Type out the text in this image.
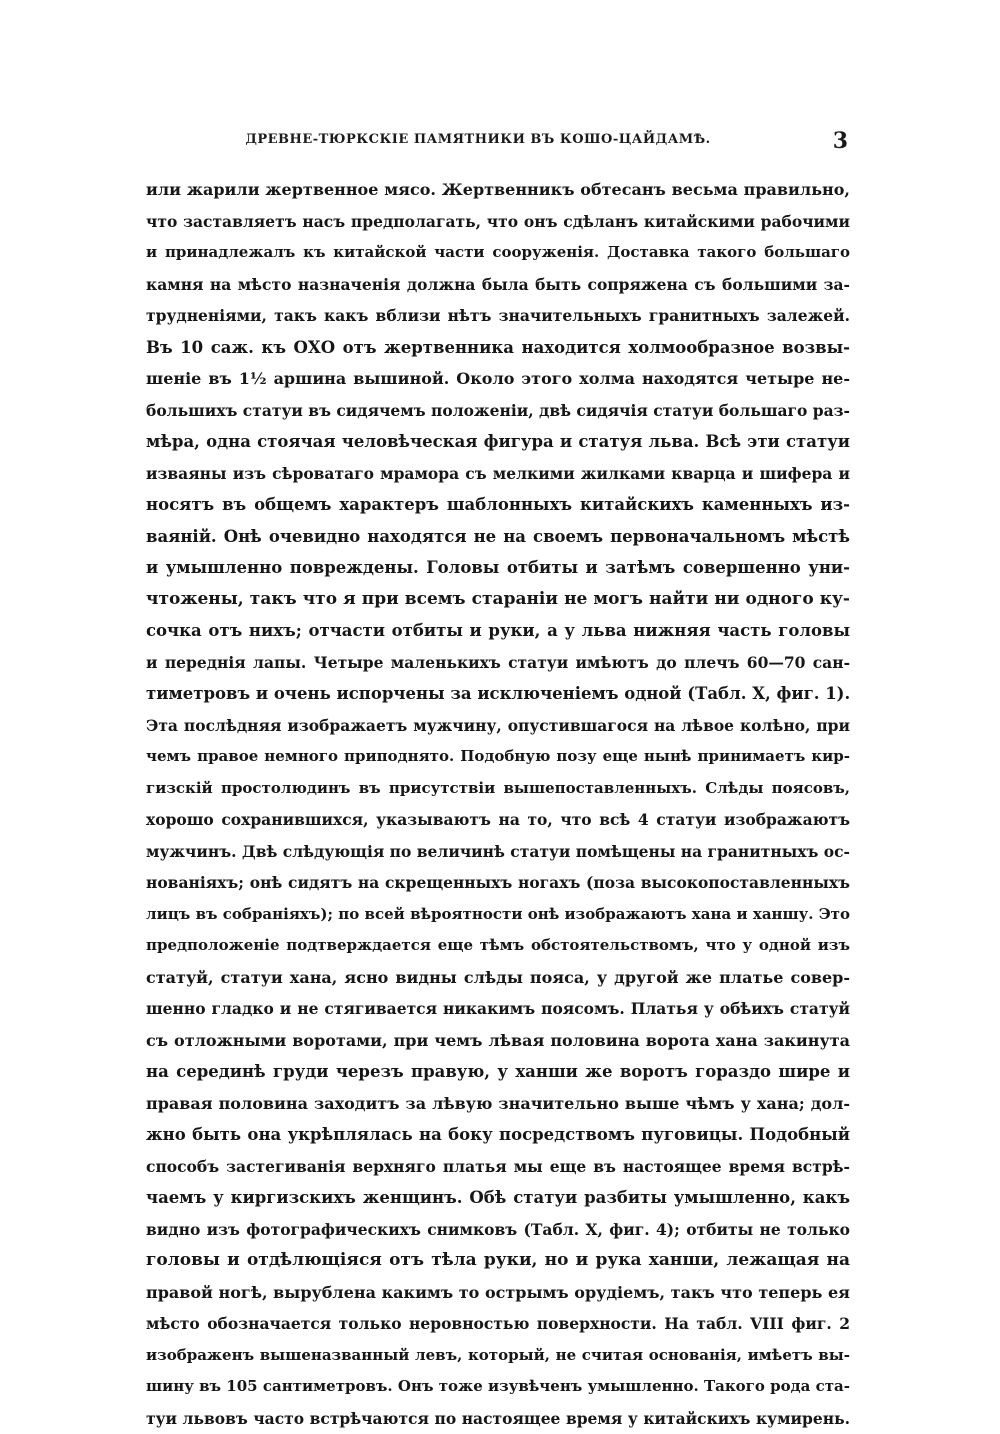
ДРЕВНЕ-ТЮРКСКІЕ ПАМЯТНИКИ ВЪ КОШО-ЦАЙДАМѢ.	3
или жарили жертвенное мясо. Жертвенникъ обтесанъ весьма правильно,
что заставляетъ насъ предполагать, что онъ сдѣланъ китайскими рабочими
и принадлежалъ къ китайской части сооруженія. Доставка такого большаго
камня на мѣсто назначенія должна была быть сопряжена съ большими за-
трудненіями, такъ какъ вблизи нѣтъ значительныхъ гранитныхъ залежей.
Въ 10 саж. къ ОХО отъ жертвенника находится холмообразное возвы-
шеніе въ 1½ аршина вышиной. Около этого холма находятся четыре не-
большихъ статуи въ сидячемъ положеніи, двѣ сидячія статуи большаго раз-
мѣра, одна стоячая человѣческая фигура и статуя льва. Всѣ эти статуи
изваяны изъ сѣроватаго мрамора съ мелкими жилками кварца и шифера и
носятъ въ общемъ характеръ шаблонныхъ китайскихъ каменныхъ из-
ваяній. Онѣ очевидно находятся не на своемъ первоначальномъ мѣстѣ
и умышленно повреждены. Головы отбиты и затѣмъ совершенно уни-
чтожены, такъ что я при всемъ стараніи не могъ найти ни одного ку-
сочка отъ нихъ; отчасти отбиты и руки, а у льва нижняя часть головы
и переднія лапы. Четыре маленькихъ статуи имѣютъ до плечъ 60—70 сан-
тиметровъ и очень испорчены за исключеніемъ одной (Табл. X, фиг. 1).
Эта послѣдняя изображаетъ мужчину, опустившагося на лѣвое колѣно, при
чемъ правое немного приподнято. Подобную позу еще нынѣ принимаетъ кир-
гизскій простолюдинъ въ присутствіи вышепоставленныхъ. Слѣды поясовъ,
хорошо сохранившихся, указываютъ на то, что всѣ 4 статуи изображаютъ
мужчинъ. Двѣ слѣдующія по величинѣ статуи помѣщены на гранитныхъ ос-
нованіяхъ; онѣ сидятъ на скрещенныхъ ногахъ (поза высокопоставленныхъ
лицъ въ собраніяхъ); по всей вѣроятности онѣ изображаютъ хана и ханшу. Это
предположеніе подтверждается еще тѣмъ обстоятельствомъ, что у одной изъ
статуй, статуи хана, ясно видны слѣды пояса, у другой же платье совер-
шенно гладко и не стягивается никакимъ поясомъ. Платья у обѣихъ статуй
съ отложными воротами, при чемъ лѣвая половина ворота хана закинута
на серединѣ груди черезъ правую, у ханши же воротъ гораздо шире и
правая половина заходитъ за лѣвую значительно выше чѣмъ у хана; дол-
жно быть она укрѣплялась на боку посредствомъ пуговицы. Подобный
способъ застегиванія верхняго платья мы еще въ настоящее время встрѣ-
чаемъ у киргизскихъ женщинъ. Обѣ статуи разбиты умышленно, какъ
видно изъ фотографическихъ снимковъ (Табл. X, фиг. 4); отбиты не только
головы и отдѣлющіяся отъ тѣла руки, но и рука ханши, лежащая на
правой ногѣ, вырублена какимъ то острымъ орудіемъ, такъ что теперь ея
мѣсто обозначается только неровностью поверхности. На табл. VIII фиг. 2
изображенъ вышеназванный левъ, который, не считая основанія, имѣетъ вы-
шину въ 105 сантиметровъ. Онъ тоже изувѣченъ умышленно. Такого рода ста-
туи львовъ часто встрѣчаются по настоящее время у китайскихъ кумирень.
